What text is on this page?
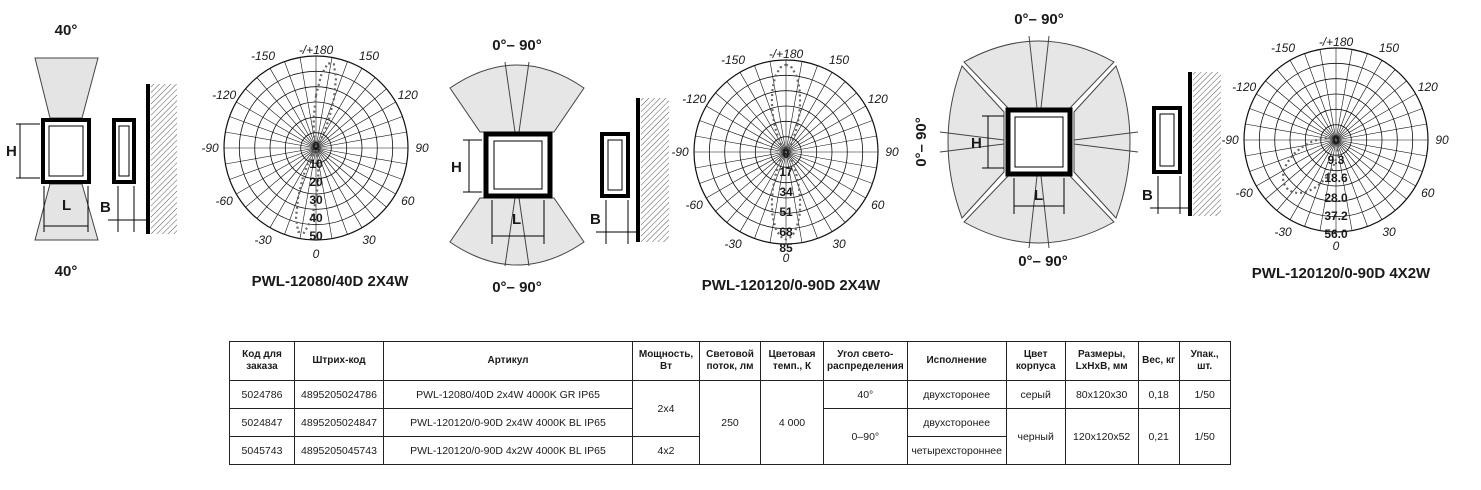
40°
H
L
40°
B
0
10
20
30
40
50
-/+180 150
120
90
60
30
0
-30
-60
-90
-120
-150
PWL-12080/40D 2X4W
0°– 90°
H
L
0°– 90°
B
0
17
34
51
68
85
-/+180 150
120
90
60
30
0
-30
-60
-90
-120
-150
PWL-120120/0-90D 2X4W
0°– 90°
H
L
0°– 90°
0°– 90°
B
0
9.3
18.6
28.0
37.2
56.0
-/+180 150
120
90
60
30
0
-30
-60
-90
-120
-150
PWL-120120/0-90D 4X2W
Код для заказа	Штрих-код	Артикул	Мощность, Вт	Световой поток, лм	Цветовая темп., К	Угол свето-распределения	Исполнение	Цвет корпуса	Размеры, LxHxB, мм	Вес, кг	Упак., шт.
5024786	4895205024786	PWL-12080/40D 2x4W 4000K GR IP65	2x4	250	4 000	40°	двухсторонее	серый	80x120x30	0,18	1/50
5024847	4895205024847	PWL-120120/0-90D 2x4W 4000K BL IP65				0–90°	двухсторонее	черный	120x120x52	0,21	1/50
5045743	4895205045743	PWL-120120/0-90D 4x2W 4000K BL IP65	4x2				четырехстороннее				
